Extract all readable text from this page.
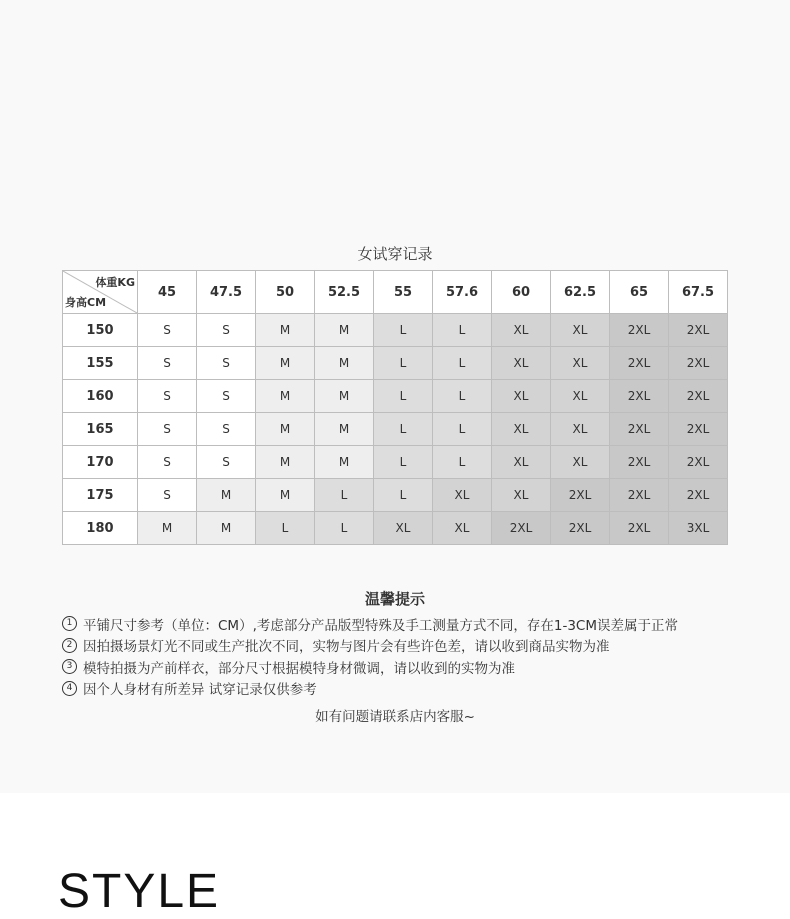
女试穿记录
体重KG
身高CM	45	47.5	50	52.5	55	57.6	60	62.5	65	67.5
150	S	S	M	M	L	L	XL	XL	2XL	2XL
155	S	S	M	M	L	L	XL	XL	2XL	2XL
160	S	S	M	M	L	L	XL	XL	2XL	2XL
165	S	S	M	M	L	L	XL	XL	2XL	2XL
170	S	S	M	M	L	L	XL	XL	2XL	2XL
175	S	M	M	L	L	XL	XL	2XL	2XL	2XL
180	M	M	L	L	XL	XL	2XL	2XL	2XL	3XL
温馨提示
1 平铺尺寸参考（单位：CM）,考虑部分产品版型特殊及手工测量方式不同，存在1-3CM误差属于正常
2 因拍摄场景灯光不同或生产批次不同，实物与图片会有些许色差，请以收到商品实物为准
3 模特拍摄为产前样衣，部分尺寸根据模特身材微调，请以收到的实物为准
4 因个人身材有所差异 试穿记录仅供参考
如有问题请联系店内客服~
STYLE
